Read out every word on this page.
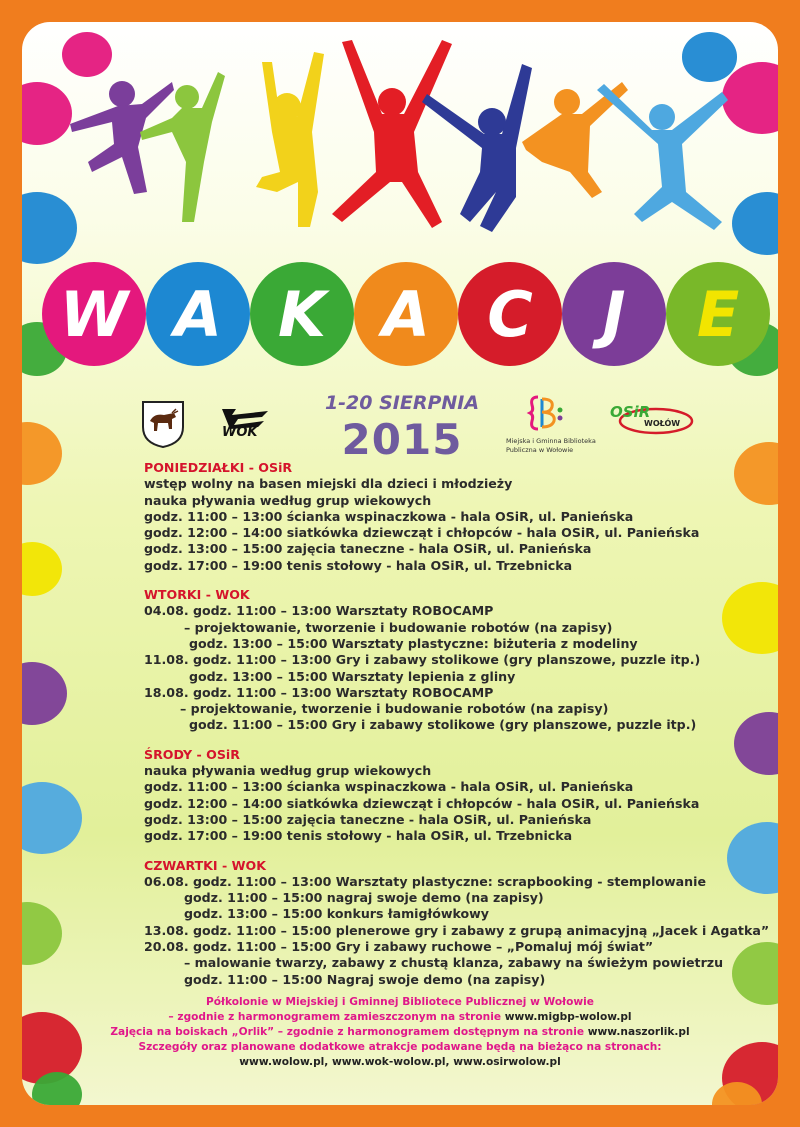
W A K A C J E
WOK
1-20 SIERPNIA
2015	Miejska i Gminna Biblioteka
Publiczna w Wołowie
OSiR
WOŁÓW
PONIEDZIAŁKI - OSiR
wstęp wolny na basen miejski dla dzieci i młodzieży
nauka pływania według grup wiekowych
godz. 11:00 – 13:00 ścianka wspinaczkowa - hala OSiR, ul. Panieńska
godz. 12:00 – 14:00 siatkówka dziewcząt i chłopców - hala OSiR, ul. Panieńska
godz. 13:00 – 15:00 zajęcia taneczne - hala OSiR, ul. Panieńska
godz. 17:00 – 19:00 tenis stołowy - hala OSiR, ul. Trzebnicka
WTORKI - WOK
04.08. godz. 11:00 – 13:00 Warsztaty ROBOCAMP
– projektowanie, tworzenie i budowanie robotów (na zapisy)
godz. 13:00 – 15:00 Warsztaty plastyczne: biżuteria z modeliny
11.08. godz. 11:00 – 13:00 Gry i zabawy stolikowe (gry planszowe, puzzle itp.)
godz. 13:00 – 15:00 Warsztaty lepienia z gliny
18.08. godz. 11:00 – 13:00 Warsztaty ROBOCAMP
– projektowanie, tworzenie i budowanie robotów (na zapisy)
godz. 11:00 – 15:00 Gry i zabawy stolikowe (gry planszowe, puzzle itp.)
ŚRODY - OSiR
nauka pływania według grup wiekowych
godz. 11:00 – 13:00 ścianka wspinaczkowa - hala OSiR, ul. Panieńska
godz. 12:00 – 14:00 siatkówka dziewcząt i chłopców - hala OSiR, ul. Panieńska
godz. 13:00 – 15:00 zajęcia taneczne - hala OSiR, ul. Panieńska
godz. 17:00 – 19:00 tenis stołowy - hala OSiR, ul. Trzebnicka
CZWARTKI - WOK
06.08. godz. 11:00 – 13:00 Warsztaty plastyczne: scrapbooking - stemplowanie
godz. 11:00 – 15:00 nagraj swoje demo (na zapisy)
godz. 13:00 – 15:00 konkurs łamigłówkowy
13.08. godz. 11:00 – 15:00 plenerowe gry i zabawy z grupą animacyjną „Jacek i Agatka”
20.08. godz. 11:00 – 15:00 Gry i zabawy ruchowe – „Pomaluj mój świat”
– malowanie twarzy, zabawy z chustą klanza, zabawy na świeżym powietrzu
godz. 11:00 – 15:00 Nagraj swoje demo (na zapisy)
Półkolonie w Miejskiej i Gminnej Bibliotece Publicznej w Wołowie
– zgodnie z harmonogramem zamieszczonym na stronie www.migbp-wolow.pl
Zajęcia na boiskach „Orlik” – zgodnie z harmonogramem dostępnym na stronie www.naszorlik.pl
Szczegóły oraz planowane dodatkowe atrakcje podawane będą na bieżąco na stronach:
www.wolow.pl, www.wok-wolow.pl, www.osirwolow.pl
